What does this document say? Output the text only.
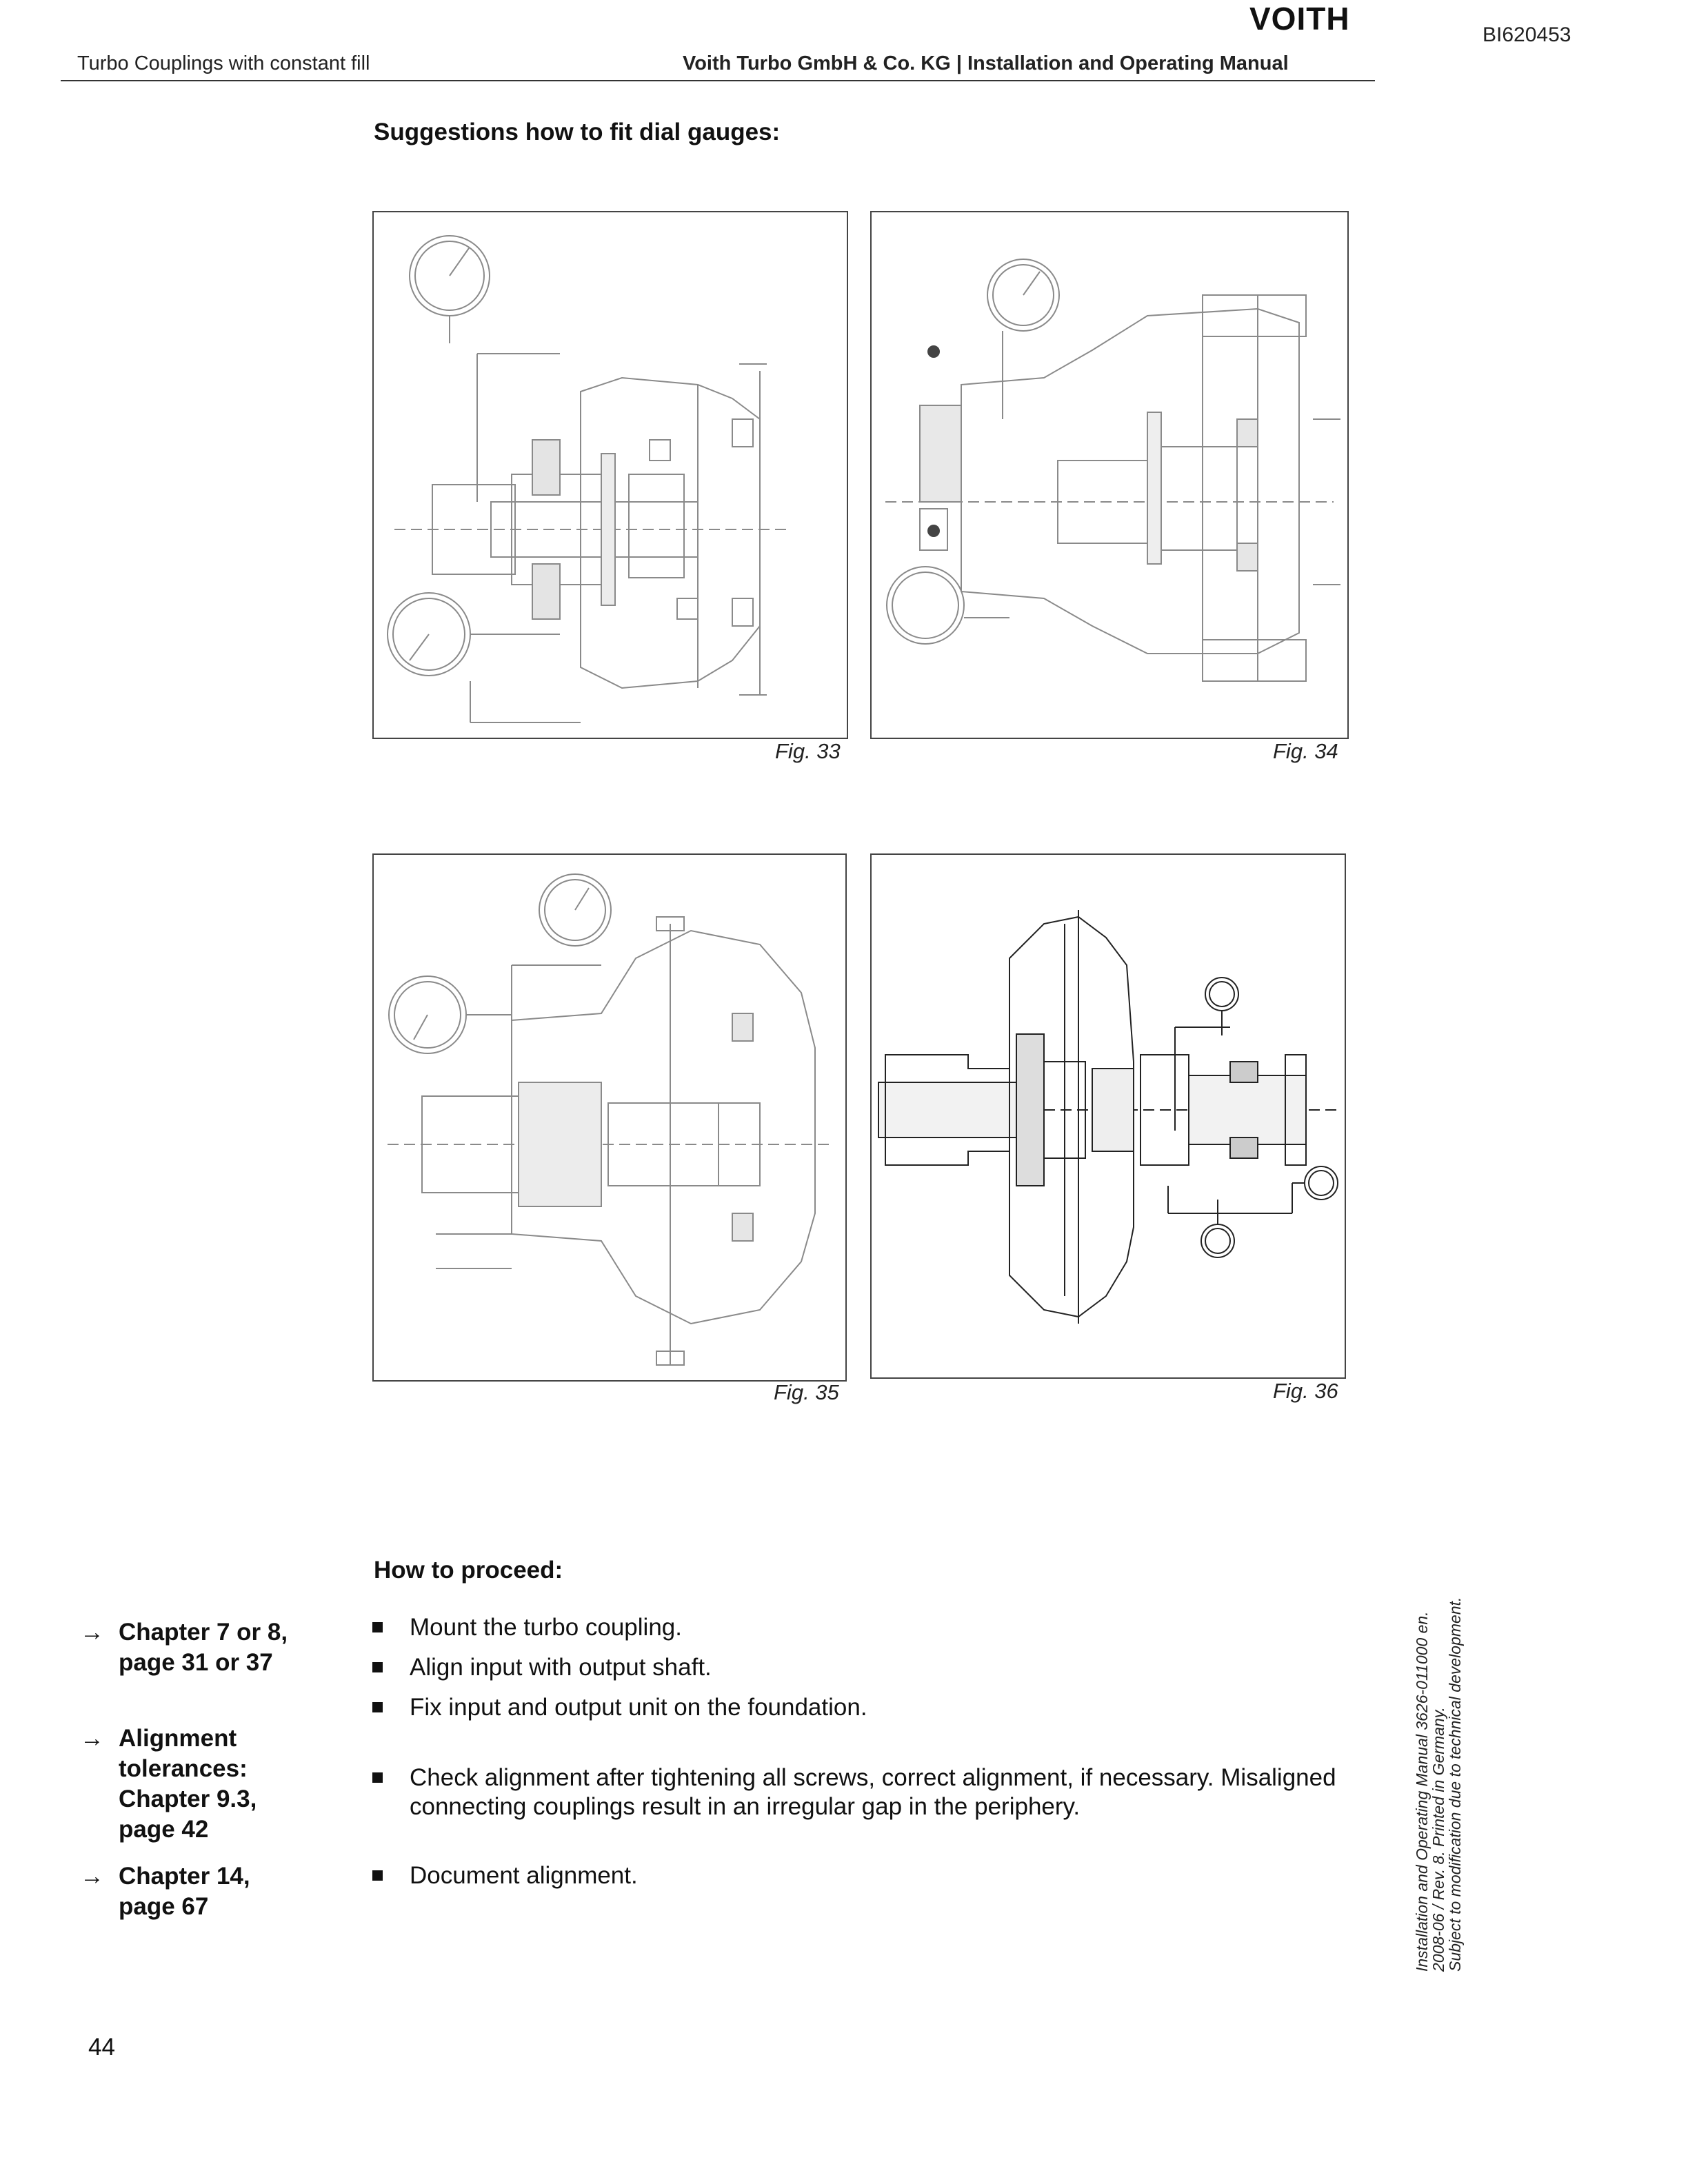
VOITH	BI620453
Turbo Couplings with constant fill	Voith Turbo GmbH & Co. KG | Installation and Operating Manual
Suggestions how to fit dial gauges:
Fig. 33	Fig. 34
Fig. 35	Fig. 36
How to proceed:
→ Chapter 7 or 8,
page 31 or 37
→ Alignment
tolerances:
Chapter 9.3,
page 42
→ Chapter 14,
page 67
Mount the turbo coupling.
Align input with output shaft.
Fix input and output unit on the foundation.
Check alignment after tightening all screws, correct alignment, if necessary. Misaligned connecting couplings result in an irregular gap in the periphery.
Document alignment.
44
Installation and Operating Manual 3626-011000 en.
2008-06 / Rev. 8. Printed in Germany.
Subject to modification due to technical development.
